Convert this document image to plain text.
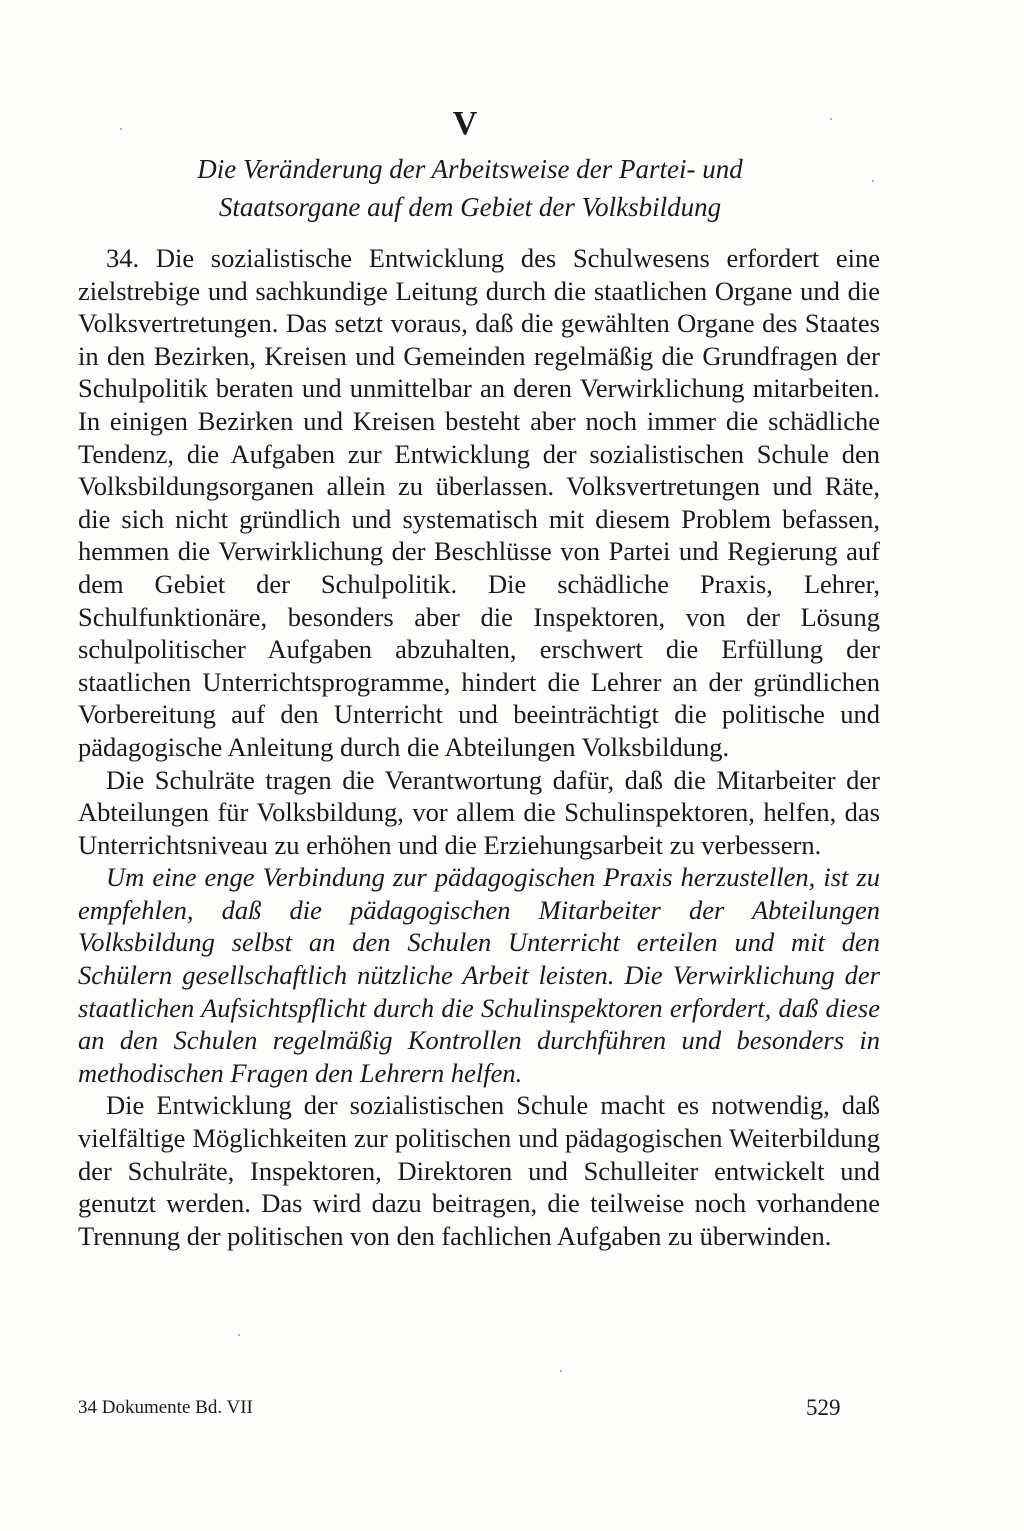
V
Die Veränderung der Arbeitsweise der Partei- und
Staatsorgane auf dem Gebiet der Volksbildung

34. Die sozialistische Entwicklung des Schulwesens erfordert eine zielstrebige und sachkundige Leitung durch die staatlichen Organe und die Volksvertretungen. Das setzt voraus, daß die gewählten Organe des Staates in den Bezirken, Kreisen und Gemeinden regelmäßig die Grundfragen der Schulpolitik beraten und unmittelbar an deren Verwirklichung mitarbeiten. In einigen Bezirken und Kreisen besteht aber noch immer die schädliche Tendenz, die Aufgaben zur Entwicklung der sozialistischen Schule den Volksbildungsorganen allein zu überlassen. Volksvertretungen und Räte, die sich nicht gründlich und systematisch mit diesem Problem befassen, hemmen die Verwirklichung der Beschlüsse von Partei und Regierung auf dem Gebiet der Schulpolitik. Die schädliche Praxis, Lehrer, Schulfunktionäre, besonders aber die Inspektoren, von der Lösung schulpolitischer Aufgaben abzuhalten, erschwert die Erfüllung der staatlichen Unterrichtsprogramme, hindert die Lehrer an der gründlichen Vorbereitung auf den Unterricht und beeinträchtigt die politische und pädagogische Anleitung durch die Abteilungen Volksbildung.

Die Schulräte tragen die Verantwortung dafür, daß die Mitarbeiter der Abteilungen für Volksbildung, vor allem die Schulinspektoren, helfen, das Unterrichtsniveau zu erhöhen und die Erziehungsarbeit zu verbessern.

Um eine enge Verbindung zur pädagogischen Praxis herzustellen, ist zu empfehlen, daß die pädagogischen Mitarbeiter der Abteilungen Volksbildung selbst an den Schulen Unterricht erteilen und mit den Schülern gesellschaftlich nützliche Arbeit leisten. Die Verwirklichung der staatlichen Aufsichtspflicht durch die Schulinspektoren erfordert, daß diese an den Schulen regelmäßig Kontrollen durchführen und besonders in methodischen Fragen den Lehrern helfen.

Die Entwicklung der sozialistischen Schule macht es notwendig, daß vielfältige Möglichkeiten zur politischen und pädagogischen Weiterbildung der Schulräte, Inspektoren, Direktoren und Schulleiter entwickelt und genutzt werden. Das wird dazu beitragen, die teilweise noch vorhandene Trennung der politischen von den fachlichen Aufgaben zu überwinden.

34 Dokumente Bd. VII	529
